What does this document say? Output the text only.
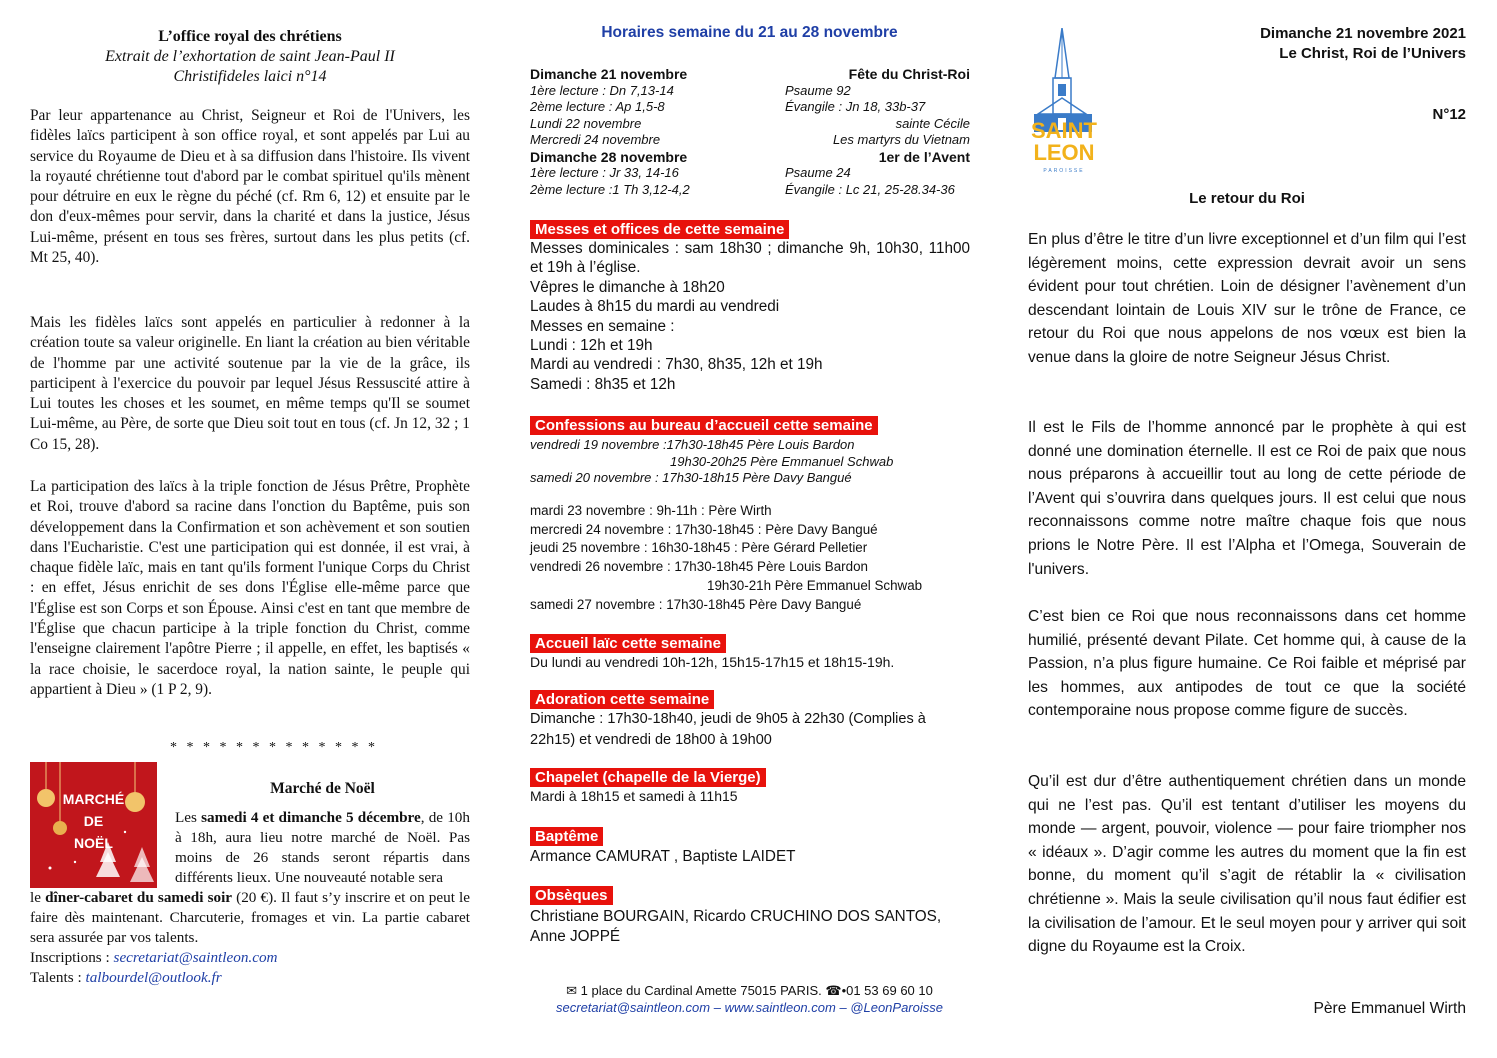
L’office royal des chrétiens
Extrait de l’exhortation de saint Jean-Paul II
Christifideles laici n°14
Par leur appartenance au Christ, Seigneur et Roi de l'Univers, les fidèles laïcs participent à son office royal, et sont appelés par Lui au service du Royaume de Dieu et à sa diffusion dans l'histoire. Ils vivent la royauté chrétienne tout d'abord par le combat spirituel qu'ils mènent pour détruire en eux le règne du péché (cf. Rm 6, 12) et ensuite par le don d'eux-mêmes pour servir, dans la charité et dans la justice, Jésus Lui-même, présent en tous ses frères, surtout dans les plus petits (cf. Mt 25, 40).
Mais les fidèles laïcs sont appelés en particulier à redonner à la création toute sa valeur originelle. En liant la création au bien véritable de l'homme par une activité soutenue par la vie de la grâce, ils participent à l'exercice du pouvoir par lequel Jésus Ressuscité attire à Lui toutes les choses et les soumet, en même temps qu'Il se soumet Lui-même, au Père, de sorte que Dieu soit tout en tous (cf. Jn 12, 32 ; 1 Co 15, 28).
La participation des laïcs à la triple fonction de Jésus Prêtre, Prophète et Roi, trouve d'abord sa racine dans l'onction du Baptême, puis son développement dans la Confirmation et son achèvement et son soutien dans l'Eucharistie. C'est une participation qui est donnée, il est vrai, à chaque fidèle laïc, mais en tant qu'ils forment l'unique Corps du Christ : en effet, Jésus enrichit de ses dons l'Église elle-même parce que l'Église est son Corps et son Épouse. Ainsi c'est en tant que membre de l'Église que chacun participe à la triple fonction du Christ, comme l'enseigne clairement l'apôtre Pierre ; il appelle, en effet, les baptisés « la race choisie, le sacerdoce royal, la nation sainte, le peuple qui appartient à Dieu » (1 P 2, 9).
* * * * * * * * * * * * *
MARCHÉ
DE
NOËL
Marché de Noël
Les samedi 4 et dimanche 5 décembre, de 10h à 18h, aura lieu notre marché de Noël. Pas moins de 26 stands seront répartis dans différents lieux. Une nouveauté notable sera
le dîner-cabaret du samedi soir (20 €). Il faut s’y inscrire et on peut le faire dès maintenant. Charcuterie, fromages et vin. La partie cabaret sera assurée par vos talents.
Inscriptions : secretariat@saintleon.com
Talents : talbourdel@outlook.fr
Horaires semaine du 21 au 28 novembre
Dimanche 21 novembre	Fête du Christ-Roi
1ère lecture : Dn 7,13-14	Psaume 92
2ème lecture : Ap 1,5-8	Évangile : Jn 18, 33b-37
Lundi 22 novembre	sainte Cécile
Mercredi 24 novembre	Les martyrs du Vietnam
Dimanche 28 novembre	1er de l’Avent
1ère lecture : Jr 33, 14-16	Psaume 24
2ème lecture :1 Th 3,12-4,2	Évangile : Lc 21, 25-28.34-36
Messes et offices de cette semaine
Messes dominicales : sam 18h30 ; dimanche 9h, 10h30, 11h00 et 19h à l’église.
Vêpres le dimanche à 18h20
Laudes à 8h15 du mardi au vendredi
Messes en semaine :
Lundi : 12h et 19h
Mardi au vendredi : 7h30, 8h35, 12h et 19h
Samedi : 8h35 et 12h
Confessions au bureau d’accueil cette semaine
vendredi 19 novembre :17h30-18h45 Père Louis Bardon
19h30-20h25 Père Emmanuel Schwab
samedi 20 novembre : 17h30-18h15 Père Davy Bangué
mardi 23 novembre : 9h-11h : Père Wirth
mercredi 24 novembre : 17h30-18h45 : Père Davy Bangué
jeudi 25 novembre : 16h30-18h45 : Père Gérard Pelletier
vendredi 26 novembre : 17h30-18h45 Père Louis Bardon
19h30-21h Père Emmanuel Schwab
samedi 27 novembre : 17h30-18h45 Père Davy Bangué
Accueil laïc cette semaine
Du lundi au vendredi 10h-12h, 15h15-17h15 et 18h15-19h.
Adoration cette semaine
Dimanche : 17h30-18h40, jeudi de 9h05 à 22h30 (Complies à 22h15) et vendredi de 18h00 à 19h00
Chapelet (chapelle de la Vierge)
Mardi à 18h15 et samedi à 11h15
Baptême
Armance CAMURAT , Baptiste LAIDET
Obsèques
Christiane BOURGAIN, Ricardo CRUCHINO DOS SANTOS, Anne JOPPÉ
✉ 1 place du Cardinal Amette 75015 PARIS. ☎•01 53 69 60 10
secretariat@saintleon.com – www.saintleon.com – @LeonParoisse
SAINT
LEON
PAROISSE
Dimanche 21 novembre 2021
Le Christ, Roi de l’Univers
N°12
Le retour du Roi
En plus d’être le titre d’un livre exceptionnel et d’un film qui l’est légèrement moins, cette expression devrait avoir un sens évident pour tout chrétien. Loin de désigner l’avènement d’un descendant lointain de Louis XIV sur le trône de France, ce retour du Roi que nous appelons de nos vœux est bien la venue dans la gloire de notre Seigneur Jésus Christ.
Il est le Fils de l’homme annoncé par le prophète à qui est donné une domination éternelle. Il est ce Roi de paix que nous nous préparons à accueillir tout au long de cette période de l’Avent qui s’ouvrira dans quelques jours. Il est celui que nous reconnaissons comme notre maître chaque fois que nous prions le Notre Père. Il est l’Alpha et l’Omega, Souverain de l'univers.
C’est bien ce Roi que nous reconnaissons dans cet homme humilié, présenté devant Pilate. Cet homme qui, à cause de la Passion, n’a plus figure humaine. Ce Roi faible et méprisé par les hommes, aux antipodes de tout ce que la société contemporaine nous propose comme figure de succès.
Qu’il est dur d’être authentiquement chrétien dans un monde qui ne l’est pas. Qu’il est tentant d’utiliser les moyens du monde — argent, pouvoir, violence — pour faire triompher nos « idéaux ». D’agir comme les autres du moment que la fin est bonne, du moment qu’il s’agit de rétablir la « civilisation chrétienne ». Mais la seule civilisation qu’il nous faut édifier est la civilisation de l’amour. Et le seul moyen pour y arriver qui soit digne du Royaume est la Croix.
Père Emmanuel Wirth
